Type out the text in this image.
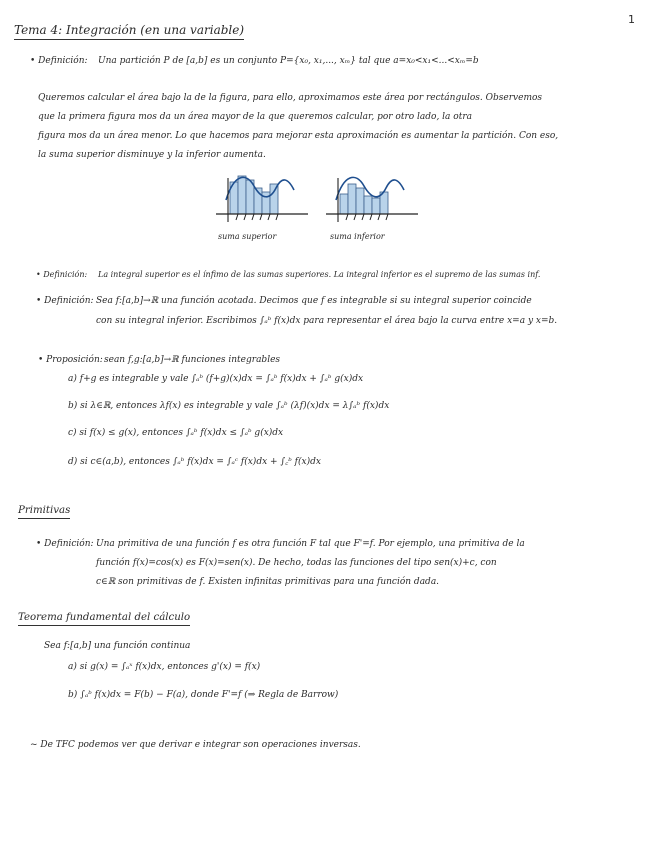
1
Tema 4: Integración (en una variable)
• Definición: Una partición P de [a,b] es un conjunto P={x₀, x₁,..., xₘ} tal que a=x₀<x₁<...<xₘ=b
Queremos calcular el área bajo la de la figura, para ello, aproximamos este área por rectángulos. Observemos
que la primera figura mos da un área mayor de la que queremos calcular, por otro lado, la otra
figura mos da un área menor. Lo que hacemos para mejorar esta aproximación es aumentar la partición. Con eso,
la suma superior disminuye y la inferior aumenta.
suma superior	suma inferior
• Definición: La integral superior es el ínfimo de las sumas superiores. La integral inferior es el supremo de las sumas inf.
• Definición: Sea f:[a,b]→ℝ una función acotada. Decimos que f es integrable si su integral superior coincide
con su integral inferior. Escribimos ∫ₐᵇ f(x)dx para representar el área bajo la curva entre x=a y x=b.
• Proposición: sean f,g:[a,b]→ℝ funciones integrables
a) f+g es integrable y vale ∫ₐᵇ (f+g)(x)dx = ∫ₐᵇ f(x)dx + ∫ₐᵇ g(x)dx
b) si λ∈ℝ, entonces λf(x) es integrable y vale ∫ₐᵇ (λf)(x)dx = λ∫ₐᵇ f(x)dx
c) si f(x) ≤ g(x), entonces ∫ₐᵇ f(x)dx ≤ ∫ₐᵇ g(x)dx
d) si c∈(a,b), entonces ∫ₐᵇ f(x)dx = ∫ₐᶜ f(x)dx + ∫꜀ᵇ f(x)dx
Primitivas
• Definición: Una primitiva de una función f es otra función F tal que F'=f. Por ejemplo, una primitiva de la
función f(x)=cos(x) es F(x)=sen(x). De hecho, todas las funciones del tipo sen(x)+c, con
c∈ℝ son primitivas de f. Existen infinitas primitivas para una función dada.
Teorema fundamental del cálculo
Sea f:[a,b] una función continua
a) si g(x) = ∫ₐˣ f(x)dx, entonces g'(x) = f(x)
b) ∫ₐᵇ f(x)dx = F(b) − F(a), donde F'=f (⇒ Regla de Barrow)
~ De TFC podemos ver que derivar e integrar son operaciones inversas.
